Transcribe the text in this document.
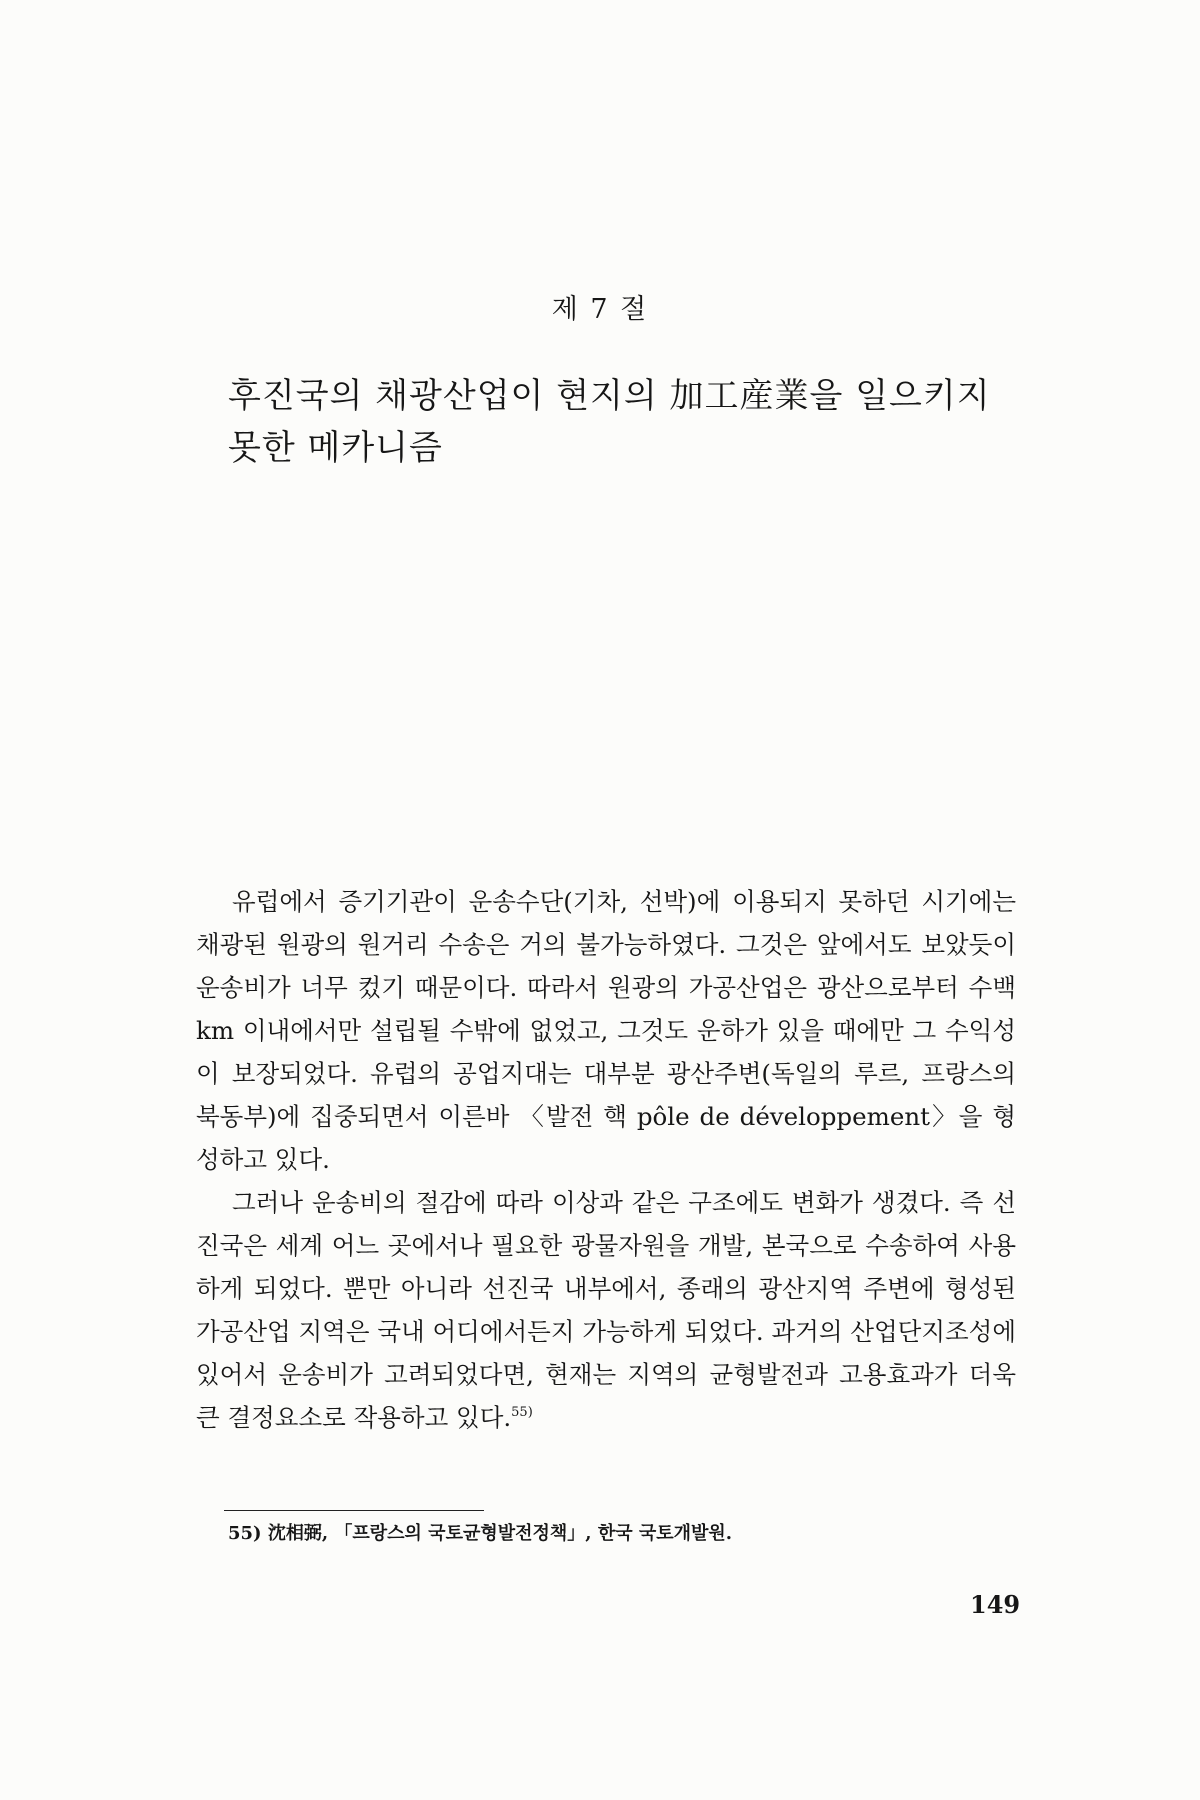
제 7 절
후진국의 채광산업이 현지의 加工産業을 일으키지 못한 메카니즘

유럽에서 증기기관이 운송수단(기차, 선박)에 이용되지 못하던 시기에는 채광된 원광의 원거리 수송은 거의 불가능하였다. 그것은 앞에서도 보았듯이 운송비가 너무 컸기 때문이다. 따라서 원광의 가공산업은 광산으로부터 수백 km 이내에서만 설립될 수밖에 없었고, 그것도 운하가 있을 때에만 그 수익성이 보장되었다. 유럽의 공업지대는 대부분 광산주변(독일의 루르, 프랑스의 북동부)에 집중되면서 이른바 〈발전 핵 pôle de développement〉을 형성하고 있다.

그러나 운송비의 절감에 따라 이상과 같은 구조에도 변화가 생겼다. 즉 선진국은 세계 어느 곳에서나 필요한 광물자원을 개발, 본국으로 수송하여 사용하게 되었다. 뿐만 아니라 선진국 내부에서, 종래의 광산지역 주변에 형성된 가공산업 지역은 국내 어디에서든지 가능하게 되었다. 과거의 산업단지조성에 있어서 운송비가 고려되었다면, 현재는 지역의 균형발전과 고용효과가 더욱 큰 결정요소로 작용하고 있다.$^{55)}$

55) 沈相弼, 「프랑스의 국토균형발전정책」, 한국 국토개발원.
149
